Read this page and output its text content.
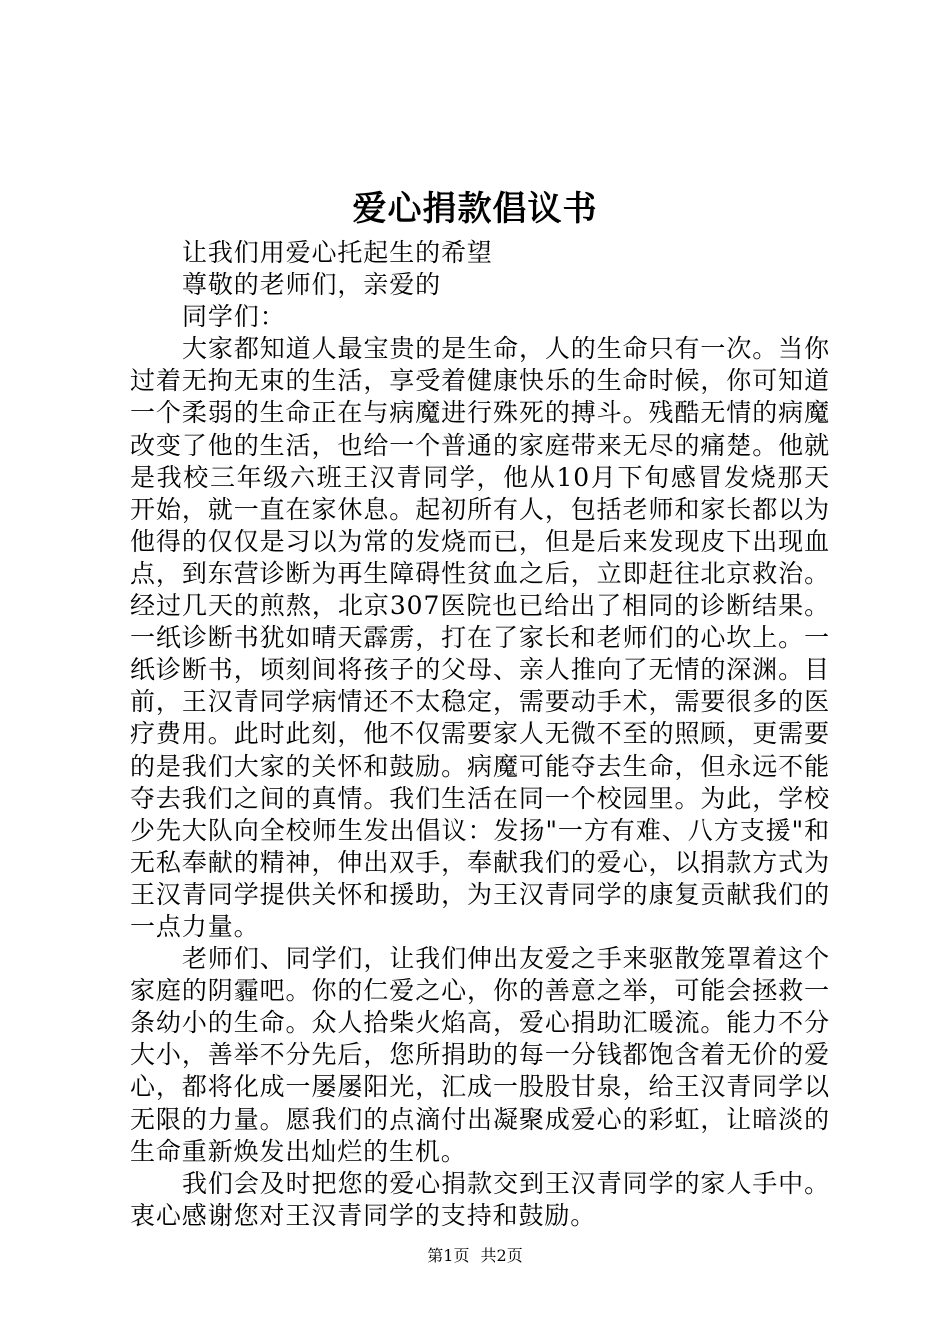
爱心捐款倡议书

让我们用爱心托起生的希望

尊敬的老师们，亲爱的

同学们：

大家都知道人最宝贵的是生命，人的生命只有一次。当你过着无拘无束的生活，享受着健康快乐的生命时候，你可知道一个柔弱的生命正在与病魔进行殊死的搏斗。残酷无情的病魔改变了他的生活，也给一个普通的家庭带来无尽的痛楚。他就是我校三年级六班王汉青同学，他从10月下旬感冒发烧那天开始，就一直在家休息。起初所有人，包括老师和家长都以为他得的仅仅是习以为常的发烧而已，但是后来发现皮下出现血点，到东营诊断为再生障碍性贫血之后，立即赶往北京救治。经过几天的煎熬，北京307医院也已给出了相同的诊断结果。一纸诊断书犹如晴天霹雳，打在了家长和老师们的心坎上。一纸诊断书，顷刻间将孩子的父母、亲人推向了无情的深渊。目前，王汉青同学病情还不太稳定，需要动手术，需要很多的医疗费用。此时此刻，他不仅需要家人无微不至的照顾，更需要的是我们大家的关怀和鼓励。病魔可能夺去生命，但永远不能夺去我们之间的真情。我们生活在同一个校园里。为此，学校少先大队向全校师生发出倡议：发扬"一方有难、八方支援"和无私奉献的精神，伸出双手，奉献我们的爱心，以捐款方式为王汉青同学提供关怀和援助，为王汉青同学的康复贡献我们的一点力量。

老师们、同学们，让我们伸出友爱之手来驱散笼罩着这个家庭的阴霾吧。你的仁爱之心，你的善意之举，可能会拯救一条幼小的生命。众人拾柴火焰高，爱心捐助汇暖流。能力不分大小，善举不分先后，您所捐助的每一分钱都饱含着无价的爱心，都将化成一屡屡阳光，汇成一股股甘泉，给王汉青同学以无限的力量。愿我们的点滴付出凝聚成爱心的彩虹，让暗淡的生命重新焕发出灿烂的生机。

我们会及时把您的爱心捐款交到王汉青同学的家人手中。衷心感谢您对王汉青同学的支持和鼓励。

第1页 共2页
